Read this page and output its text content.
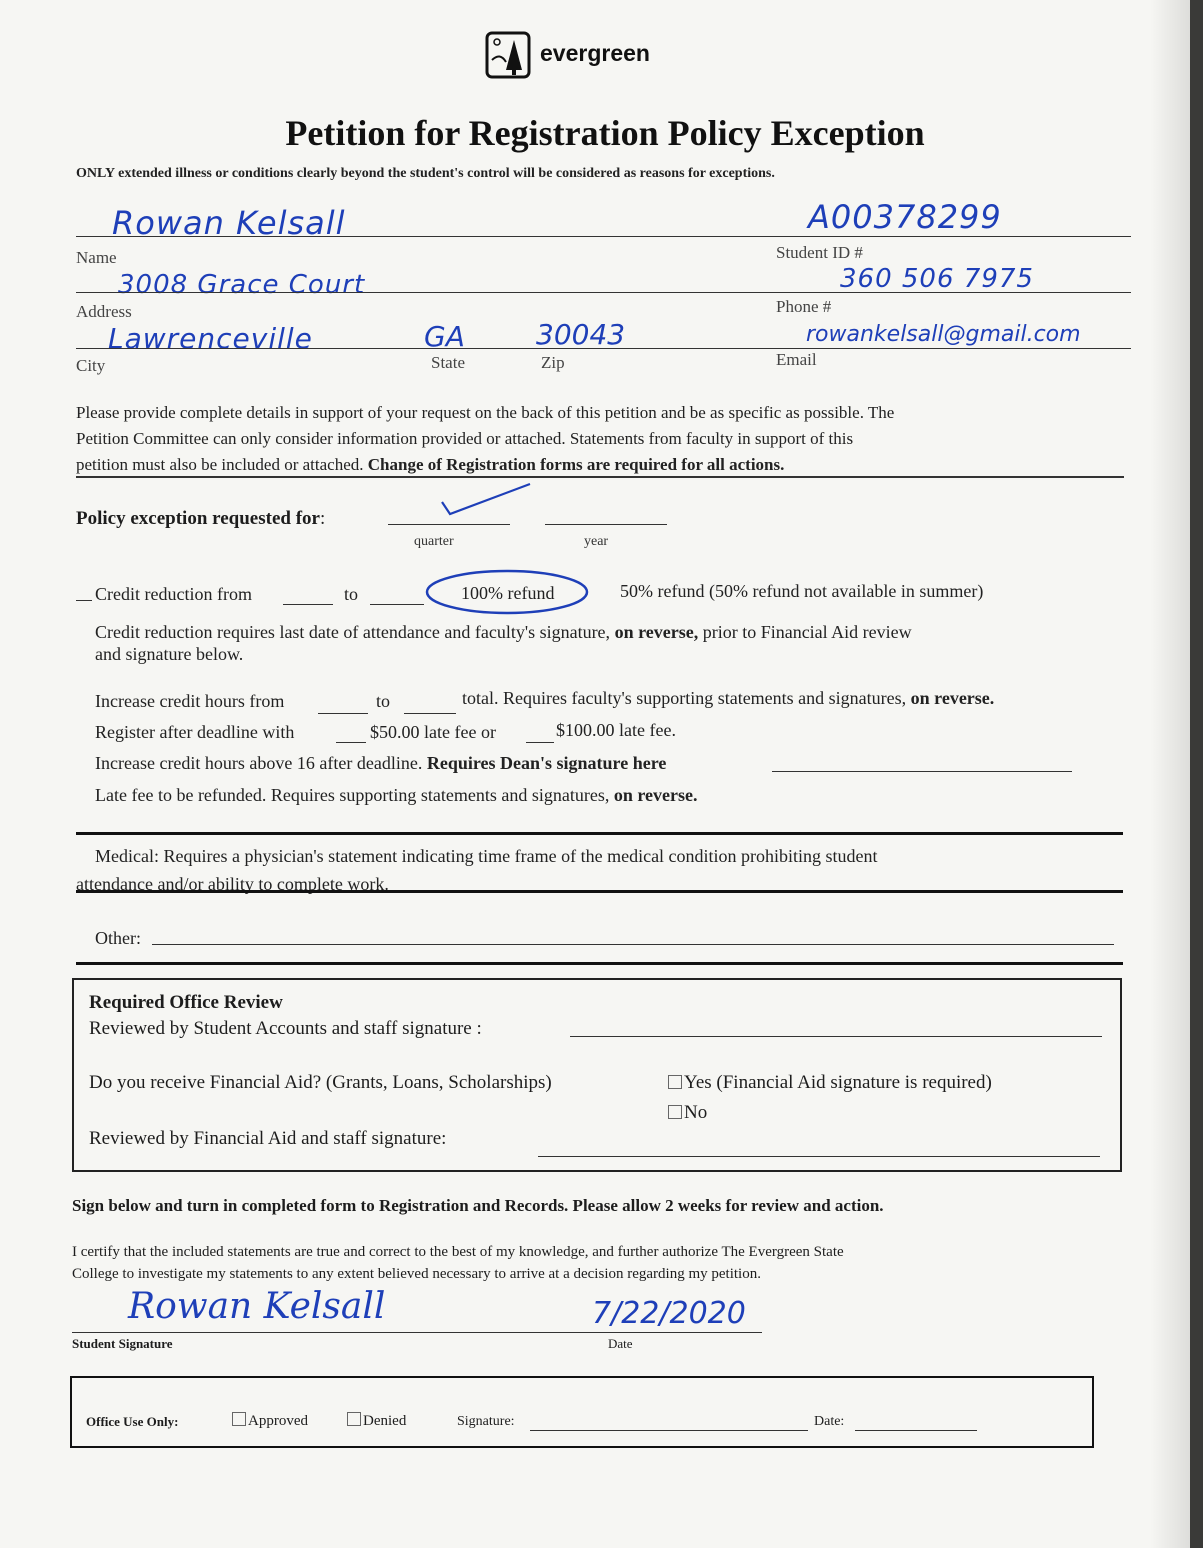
evergreen
Petition for Registration Policy Exception
ONLY extended illness or conditions clearly beyond the student's control will be considered as reasons for exceptions.
Rowan Kelsall	A00378299
Name	Student ID #
3008 Grace Court	360 506 7975
Address	Phone #
Lawrenceville	GA	30043	rowankelsall@gmail.com
City	State	Zip	Email
Please provide complete details in support of your request on the back of this petition and be as specific as possible. The
Petition Committee can only consider information provided or attached. Statements from faculty in support of this
petition must also be included or attached. Change of Registration forms are required for all actions.
Policy exception requested for:
quarter	year
Credit reduction from	to	100% refund	50% refund (50% refund not available in summer)
Credit reduction requires last date of attendance and faculty's signature, on reverse, prior to Financial Aid review
and signature below.
Increase credit hours from	to	total. Requires faculty's supporting statements and signatures, on reverse.
Register after deadline with	$50.00 late fee or	$100.00 late fee.
Increase credit hours above 16 after deadline. Requires Dean's signature here
Late fee to be refunded. Requires supporting statements and signatures, on reverse.
Medical: Requires a physician's statement indicating time frame of the medical condition prohibiting student
attendance and/or ability to complete work.
Other:
Required Office Review
Reviewed by Student Accounts and staff signature :
Do you receive Financial Aid? (Grants, Loans, Scholarships)	Yes (Financial Aid signature is required)
No
Reviewed by Financial Aid and staff signature:
Sign below and turn in completed form to Registration and Records. Please allow 2 weeks for review and action.
I certify that the included statements are true and correct to the best of my knowledge, and further authorize The Evergreen State
College to investigate my statements to any extent believed necessary to arrive at a decision regarding my petition.
Rowan Kelsall	7/22/2020
Student Signature	Date
Office Use Only:	Approved	Denied	Signature:	Date:
